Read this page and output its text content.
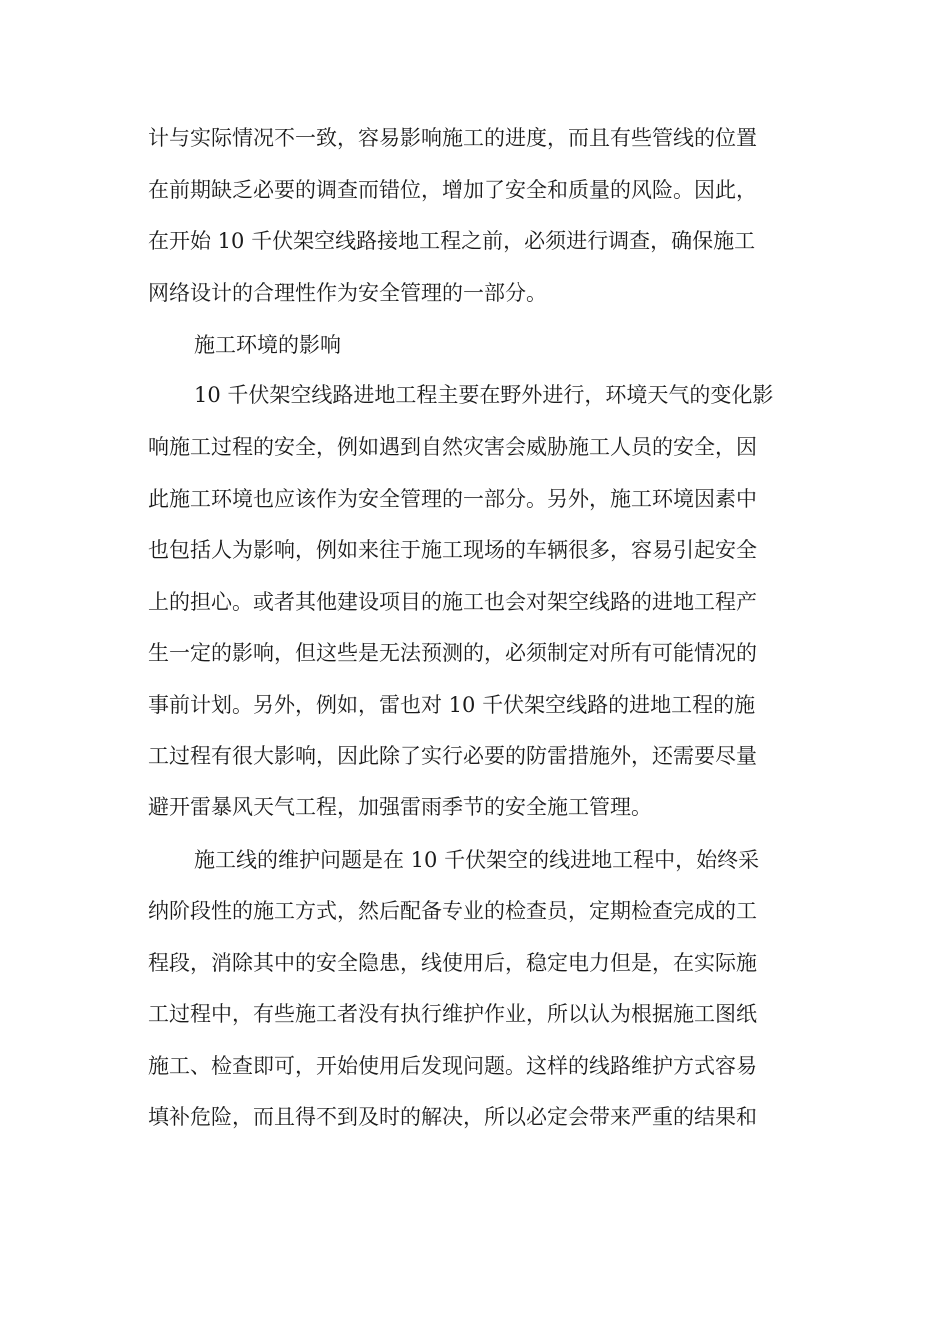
计与实际情况不一致，容易影响施工的进度，而且有些管线的位置
在前期缺乏必要的调查而错位，增加了安全和质量的风险。因此，
在开始 10 千伏架空线路接地工程之前，必须进行调查，确保施工
网络设计的合理性作为安全管理的一部分。
施工环境的影响
10 千伏架空线路进地工程主要在野外进行，环境天气的变化影
响施工过程的安全，例如遇到自然灾害会威胁施工人员的安全，因
此施工环境也应该作为安全管理的一部分。另外，施工环境因素中
也包括人为影响，例如来往于施工现场的车辆很多，容易引起安全
上的担心。或者其他建设项目的施工也会对架空线路的进地工程产
生一定的影响，但这些是无法预测的，必须制定对所有可能情况的
事前计划。另外，例如，雷也对 10 千伏架空线路的进地工程的施
工过程有很大影响，因此除了实行必要的防雷措施外，还需要尽量
避开雷暴风天气工程，加强雷雨季节的安全施工管理。
施工线的维护问题是在 10 千伏架空的线进地工程中，始终采
纳阶段性的施工方式，然后配备专业的检查员，定期检查完成的工
程段，消除其中的安全隐患，线使用后，稳定电力但是，在实际施
工过程中，有些施工者没有执行维护作业，所以认为根据施工图纸
施工、检查即可，开始使用后发现问题。这样的线路维护方式容易
填补危险，而且得不到及时的解决，所以必定会带来严重的结果和
